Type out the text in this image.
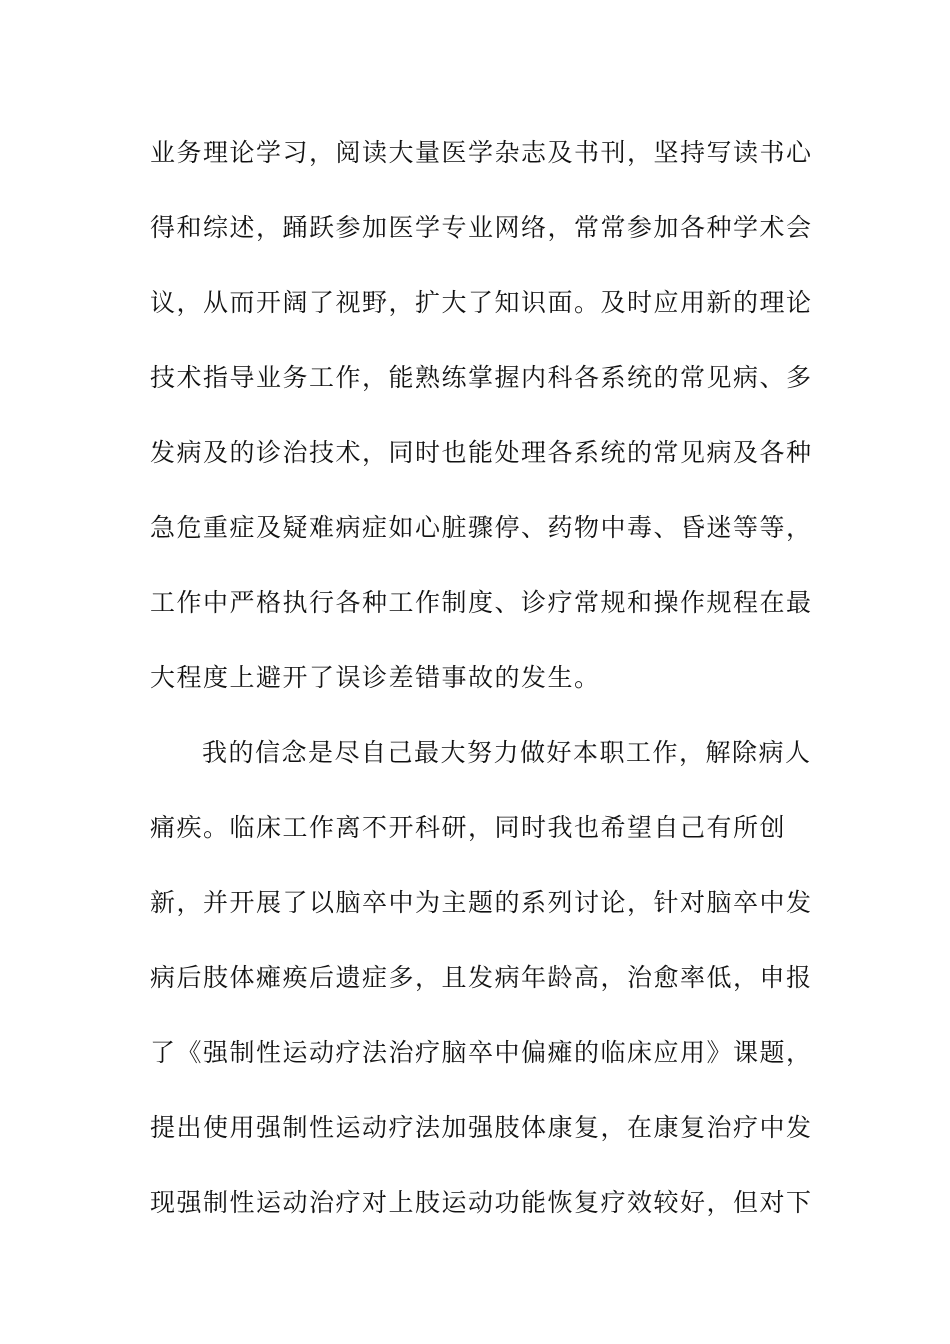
业务理论学习，阅读大量医学杂志及书刊，坚持写读书心
得和综述，踊跃参加医学专业网络，常常参加各种学术会
议，从而开阔了视野，扩大了知识面。及时应用新的理论
技术指导业务工作，能熟练掌握内科各系统的常见病、多
发病及的诊治技术，同时也能处理各系统的常见病及各种
急危重症及疑难病症如心脏骤停、药物中毒、昏迷等等，
工作中严格执行各种工作制度、诊疗常规和操作规程在最
大程度上避开了误诊差错事故的发生。
我的信念是尽自己最大努力做好本职工作，解除病人
痛疾。临床工作离不开科研，同时我也希望自己有所创
新，并开展了以脑卒中为主题的系列讨论，针对脑卒中发
病后肢体瘫痪后遗症多，且发病年龄高，治愈率低，申报
了《强制性运动疗法治疗脑卒中偏瘫的临床应用》课题，
提出使用强制性运动疗法加强肢体康复，在康复治疗中发
现强制性运动治疗对上肢运动功能恢复疗效较好，但对下
